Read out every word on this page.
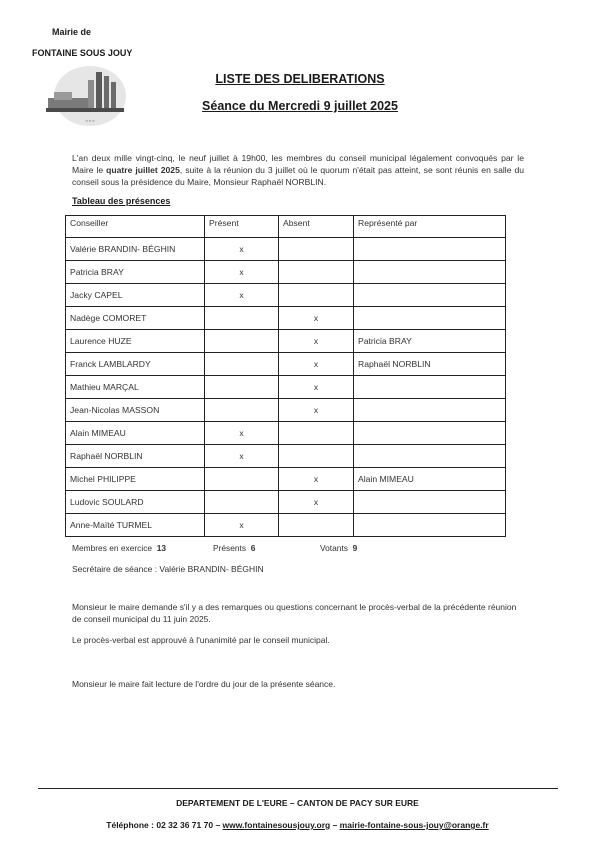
Mairie de
FONTAINE SOUS JOUY
≈ ≈ ≈
LISTE DES DELIBERATIONS
Séance du Mercredi 9 juillet 2025
L'an deux mille vingt-cinq, le neuf juillet à 19h00, les membres du conseil municipal légalement convoqués par le Maire le quatre juillet 2025, suite à la réunion du 3 juillet où le quorum n'était pas atteint, se sont réunis en salle du conseil sous la présidence du Maire, Monsieur Raphaël NORBLIN.
Tableau des présences
Conseiller	Présent	Absent	Représenté par
Valérie BRANDIN- BÉGHIN	x		
Patricia BRAY	x		
Jacky CAPEL	x		
Nadège COMORET		x	
Laurence HUZE		x	Patricia BRAY
Franck LAMBLARDY		x	Raphaël NORBLIN
Mathieu MARÇAL		x	
Jean-Nicolas MASSON		x	
Alain MIMEAU	x		
Raphaël NORBLIN	x		
Michel PHILIPPE		x	Alain MIMEAU
Ludovic SOULARD		x	
Anne-Maïté TURMEL	x		
Membres en exercice 13	Présents 6	Votants 9
Secrétaire de séance : Valérie BRANDIN- BÉGHIN
Monsieur le maire demande s'il y a des remarques ou questions concernant le procès-verbal de la précédente réunion de conseil municipal du 11 juin 2025.
Le procès-verbal est approuvé à l'unanimité par le conseil municipal.
Monsieur le maire fait lecture de l'ordre du jour de la présente séance.
DEPARTEMENT DE L'EURE – CANTON DE PACY SUR EURE
Téléphone : 02 32 36 71 70 – www.fontainesousjouy.org – mairie-fontaine-sous-jouy@orange.fr
